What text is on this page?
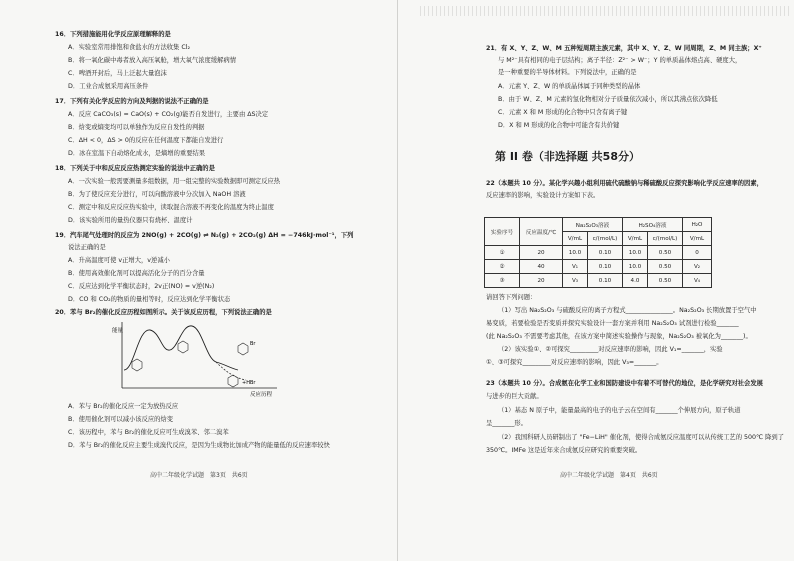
16．下列措施能用化学反应原理解释的是
A．实验室常用排饱和食盐水的方法收集 Cl₂
B．将一氧化碳中毒者放入高压氧舱，增大氧气浓度缓解病情
C．啤酒开封后，马上泛起大量泡沫
D．工业合成氨采用高压条件
17．下列有关化学反应的方向及判据的说法不正确的是
A．反应 CaCO₃(s) = CaO(s) + CO₂(g)能否自发进行，主要由 ΔS决定
B．焓变或熵变均可以单独作为反应自发性的判据
C．ΔH < 0，ΔS > 0的反应在任何温度下都能自发进行
D．冰在室温下自动熔化成水，是熵增的重要结果
18．下列关于中和反应反应热测定实验的说法中正确的是
A．一次实验一般需要测量多组数据，用一组完整的实验数据即可测定反应热
B．为了使反应充分进行，可以向酸溶液中分次加入 NaOH 溶液
C．测定中和反应反应热实验中，读取混合溶液不再变化的温度为终止温度
D．该实验所用的量热仪器只有烧杯、温度计
19．汽车尾气处理时的反应为 2NO(g) + 2CO(g) ⇌ N₂(g) + 2CO₂(g) ΔH = −746kJ·mol⁻¹，下列
说法正确的是
A．升高温度可使 v正增大，v逆减小
B．使用高效催化剂可以提高活化分子的百分含量
C．反应达到化学平衡状态时，2v正(NO) = v逆(N₂)
D．CO 和 CO₂的物质的量相等时，反应达到化学平衡状态
20．苯与 Br₂的催化反应历程如图所示。关于该反应历程，下列说法正确的是
能量
反应历程
+HBr
Br
A．苯与 Br₂的催化反应一定为放热反应
B．使用催化剂可以减小该反应的焓变
C．该历程中，苯与 Br₂的催化反应可生成溴苯、邻二溴苯
D．苯与 Br₂的催化反应主要生成溴代反应，是因为生成物比加成产物的能量低的反应速率较快
高中二年级化学试题　第3页　共6页
21．有 X、Y、Z、W、M 五种短周期主族元素，其中 X、Y、Z、W 同周期，Z、M 同主族；X⁺
与 M²⁻具有相同的电子层结构；离子半径：Z²⁻ > W⁻；Y 的单质晶体熔点高、硬度大，
是一种重要的半导体材料。下列说法中，正确的是
A．元素 Y、Z、W 的单质晶体属于同种类型的晶体
B．由于 W、Z、M 元素的氢化物相对分子质量依次减小，所以其沸点依次降低
C．元素 X 和 M 形成的化合物中只含有离子键
D．X 和 M 形成的化合物中可能含有共价键
第 II 卷（非选择题 共58分）
22（本题共 10 分）。某化学兴趣小组利用硫代硫酸钠与稀硫酸反应探究影响化学反应速率的因素，
反应速率的影响，实验设计方案如下表。
实验序号	反应温度/℃	Na₂S₂O₃溶液		H₂SO₄溶液		H₂O
		V/mL	c/(mol/L)	V/mL	c/(mol/L)	V/mL
①	20	10.0	0.10	10.0	0.50	0
②	40	V₁	0.10	10.0	0.50	V₂
③	20	V₃	0.10	4.0	0.50	V₄
请回答下列问题：
（1）写出 Na₂S₂O₃ 与硫酸反应的离子方程式_______________。Na₂S₂O₃ 长期放置于空气中
易变质，若要检验是否变质并探究实验设计一套方案并利用 Na₂S₂O₃ 试剂进行检验_______
(此 Na₂S₂O₃ 不需要考虑其他，在该方案中简述实验操作与现象，Na₂S₂O₃ 被氧化为_______)。
（2）该实验①、②可探究_________对反应速率的影响，因此 V₁=_______，实验
①、③可探究_________对反应速率的影响，因此 V₃=_______。
23（本题共 10 分）。合成氨在化学工业和国防建设中有着不可替代的地位，是化学研究对社会发展
与进步的巨大贡献。
（1）基态 N 原子中，能量最高的电子的电子云在空间有_______个伸展方向，原子轨道
呈_______形。
（2）我国科研人员研制出了 "Fe−LiH" 催化剂，使得合成氨反应温度可以从传统工艺的 500℃ 降到了
350℃。IMFe 这是近年来合成氨反应研究的重要突破。
高中二年级化学试题　第4页　共6页
